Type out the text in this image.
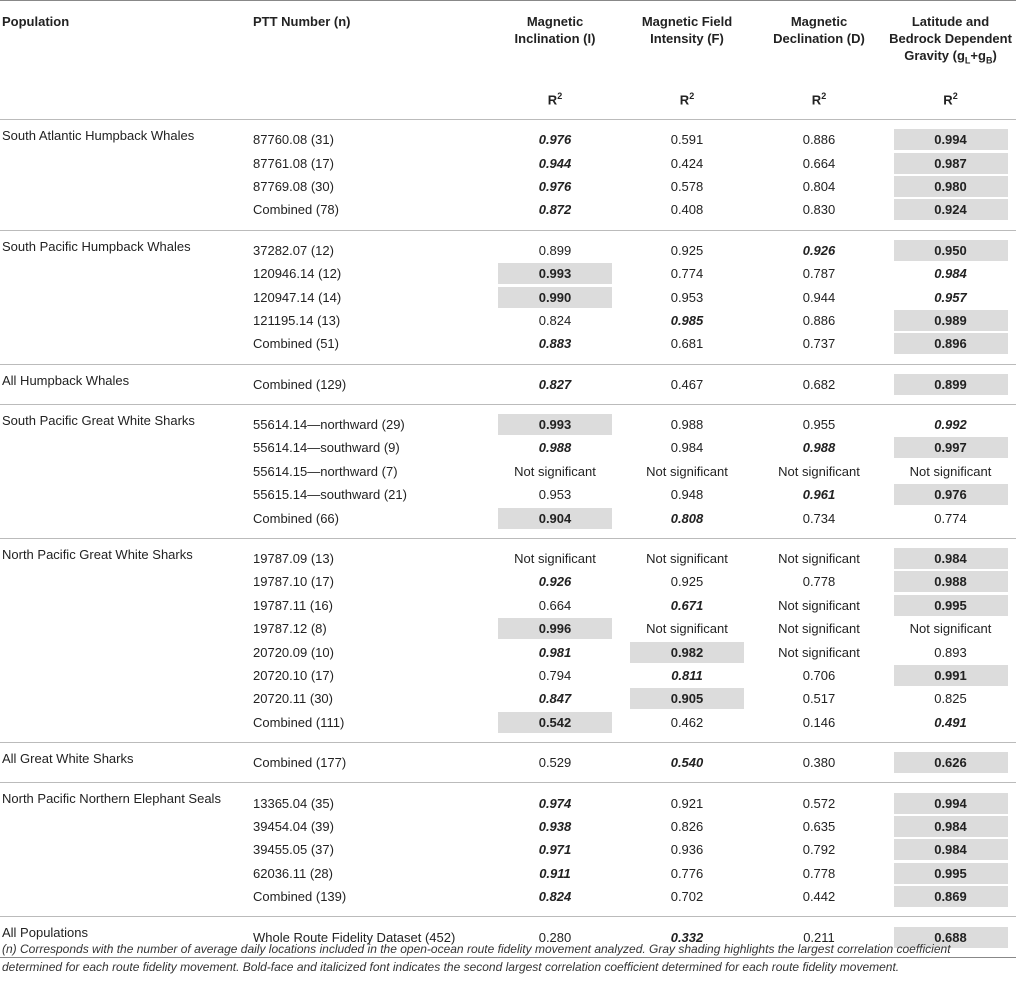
Population	PTT Number (n)	Magnetic Inclination (I)	Magnetic Field Intensity (F)	Magnetic Declination (D)	Latitude and
Bedrock Dependent
Gravity $(g_L+g_B)$

		$R^2$	$R^2$	$R^2$	$R^2$
South Atlantic Humpback Whales	87760.08 (31)	0.976	0.591	0.886	0.994
	87761.08 (17)	0.944	0.424	0.664	0.987
	87769.08 (30)	0.976	0.578	0.804	0.980
	Combined (78)	0.872	0.408	0.830	0.924
South Pacific Humpback Whales	37282.07 (12)	0.899	0.925	0.926	0.950
	120946.14 (12)	0.993	0.774	0.787	0.984
	120947.14 (14)	0.990	0.953	0.944	0.957
	121195.14 (13)	0.824	0.985	0.886	0.989
	Combined (51)	0.883	0.681	0.737	0.896
All Humpback Whales	Combined (129)	0.827	0.467	0.682	0.899
South Pacific Great White Sharks	55614.14—northward (29)	0.993	0.988	0.955	0.992
	55614.14—southward (9)	0.988	0.984	0.988	0.997
	55614.15—northward (7)	Not significant	Not significant	Not significant	Not significant
	55615.14—southward (21)	0.953	0.948	0.961	0.976
	Combined (66)	0.904	0.808	0.734	0.774
North Pacific Great White Sharks	19787.09 (13)	Not significant	Not significant	Not significant	0.984
	19787.10 (17)	0.926	0.925	0.778	0.988
	19787.11 (16)	0.664	0.671	Not significant	0.995
	19787.12 (8)	0.996	Not significant	Not significant	Not significant
	20720.09 (10)	0.981	0.982	Not significant	0.893
	20720.10 (17)	0.794	0.811	0.706	0.991
	20720.11 (30)	0.847	0.905	0.517	0.825
	Combined (111)	0.542	0.462	0.146	0.491
All Great White Sharks	Combined (177)	0.529	0.540	0.380	0.626
North Pacific Northern Elephant Seals	13365.04 (35)	0.974	0.921	0.572	0.994
	39454.04 (39)	0.938	0.826	0.635	0.984
	39455.05 (37)	0.971	0.936	0.792	0.984
	62036.11 (28)	0.911	0.776	0.778	0.995
	Combined (139)	0.824	0.702	0.442	0.869
All Populations	Whole Route Fidelity Dataset (452)	0.280	0.332	0.211	0.688
(n) Corresponds with the number of average daily locations included in the open-ocean route fidelity movement analyzed. Gray shading highlights the largest correlation coefficient determined for each route fidelity movement. Bold-face and italicized font indicates the second largest correlation coefficient determined for each route fidelity movement.
